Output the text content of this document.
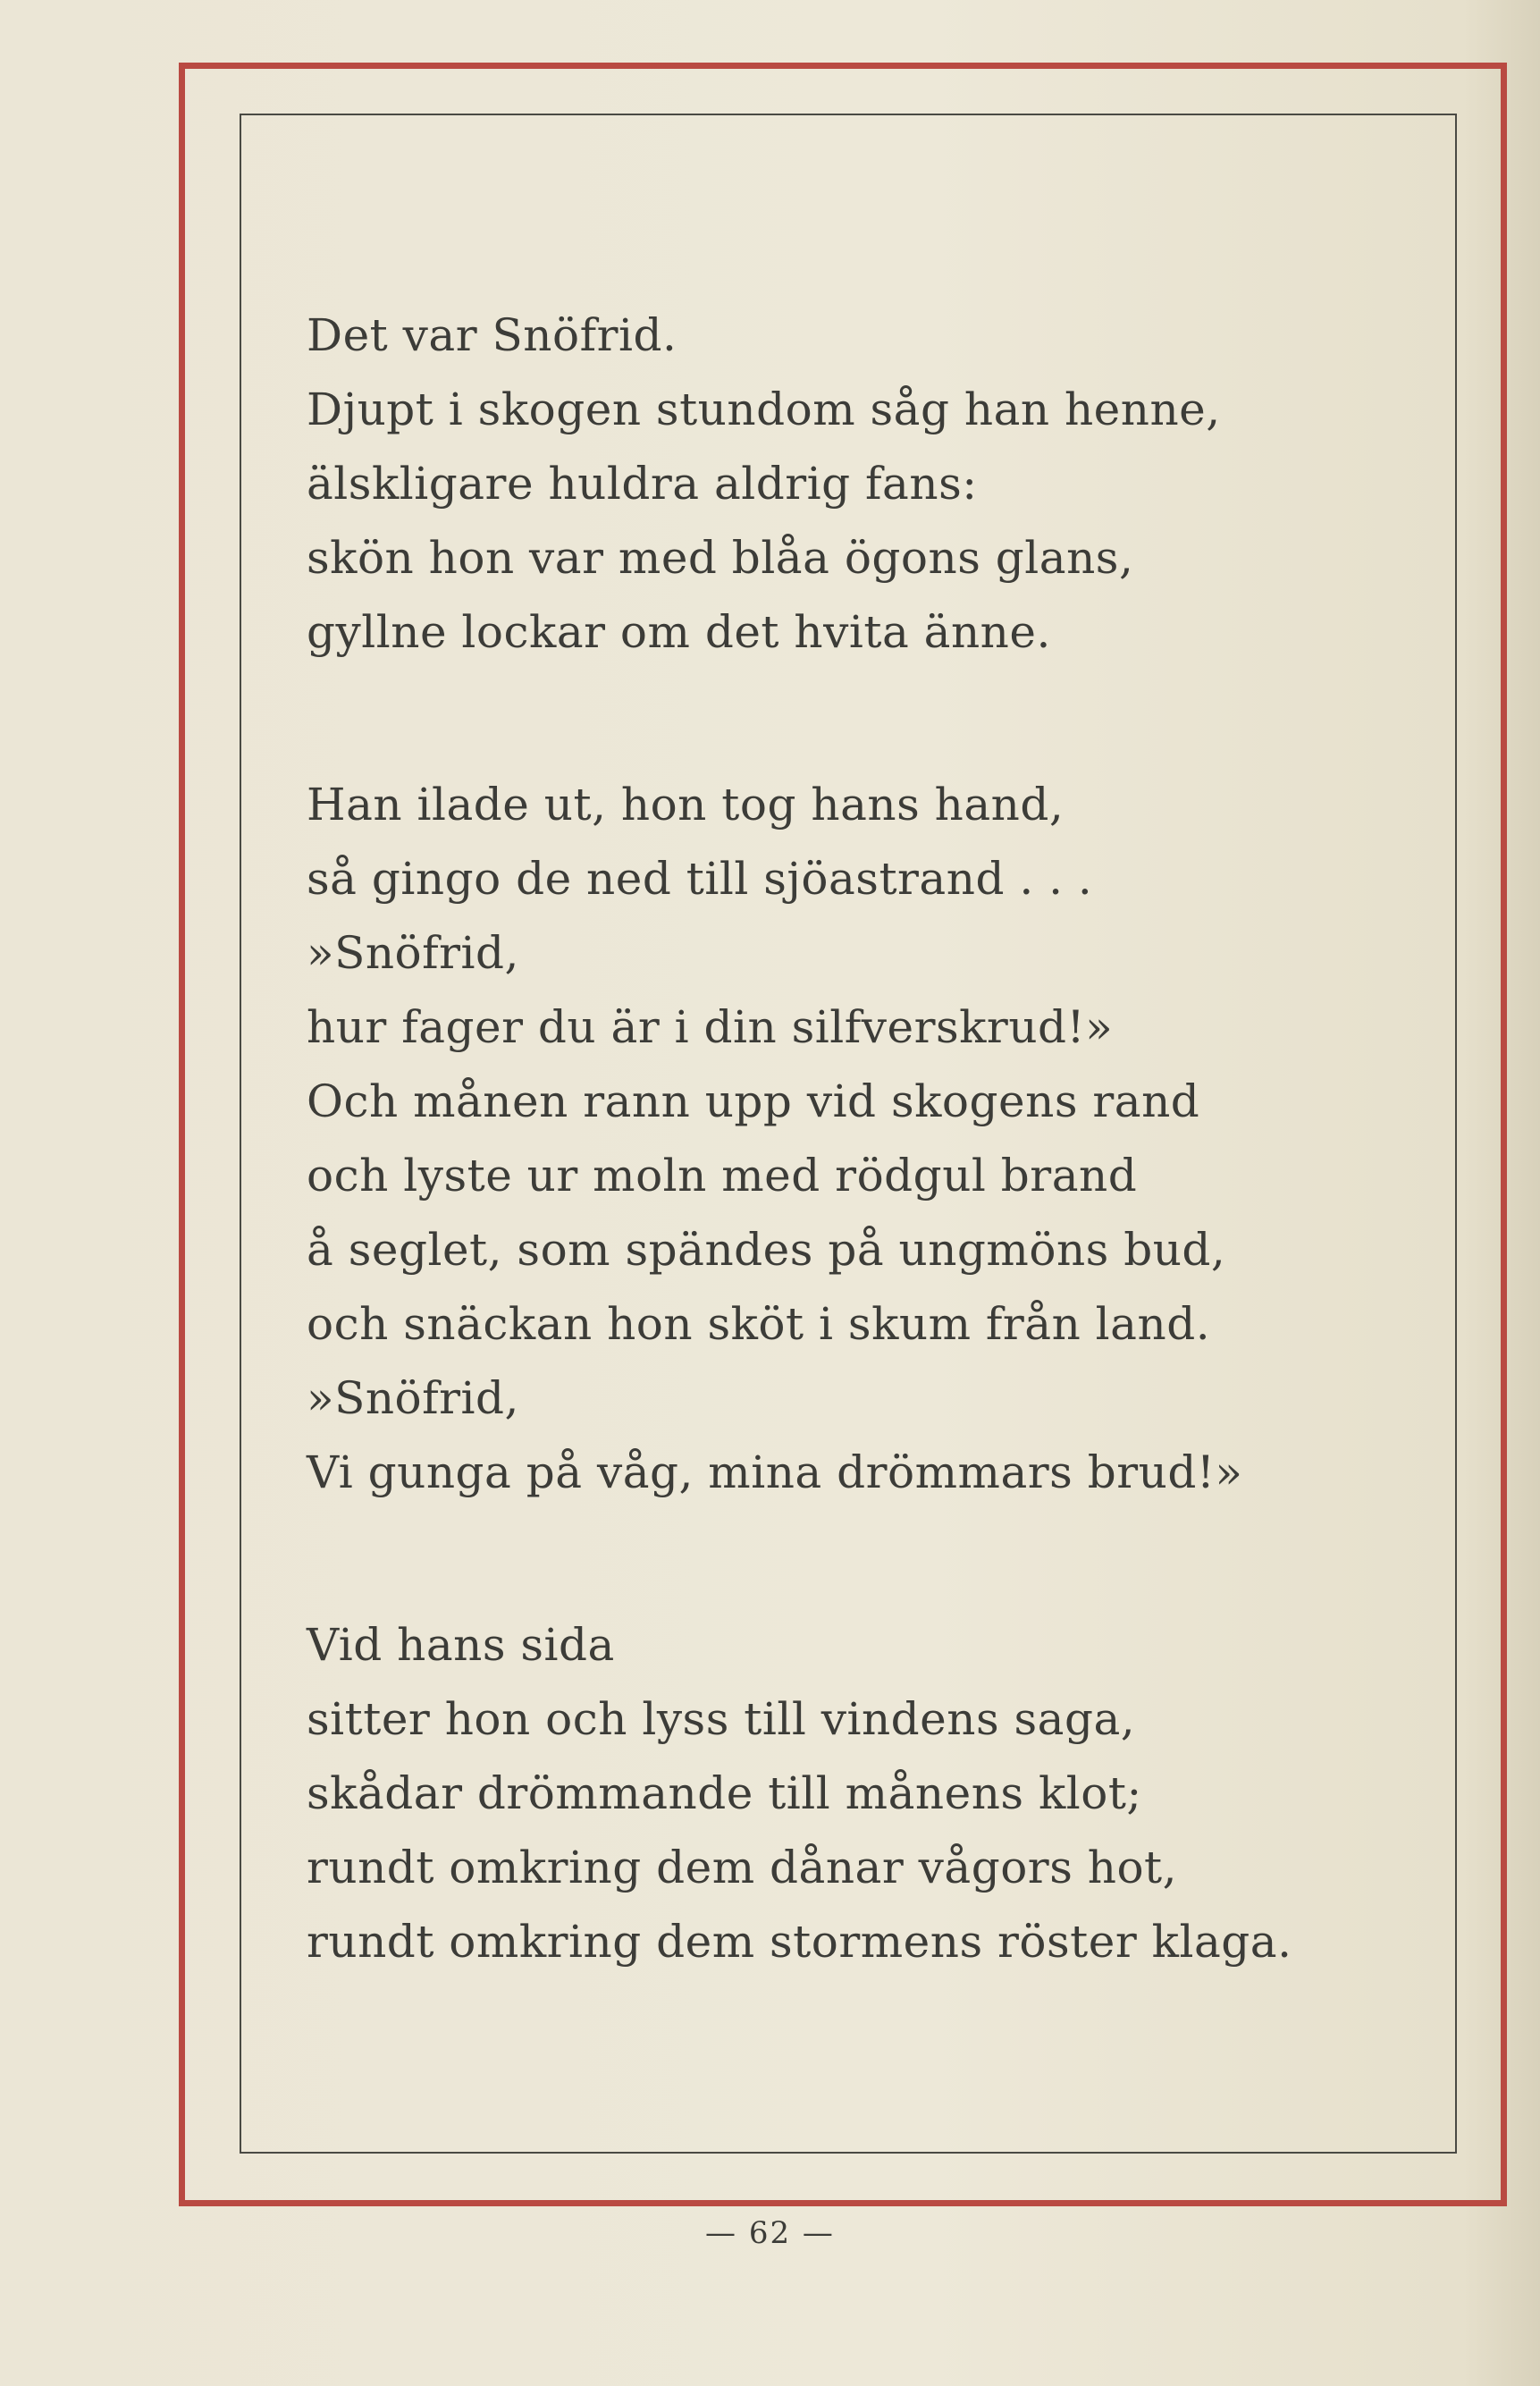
Det var Snöfrid.
Djupt i skogen stundom såg han henne,
älskligare huldra aldrig fans:
skön hon var med blåa ögons glans,
gyllne lockar om det hvita änne.
Han ilade ut, hon tog hans hand,
så gingo de ned till sjöastrand . . .
»Snöfrid,
hur fager du är i din silfverskrud!»
Och månen rann upp vid skogens rand
och lyste ur moln med rödgul brand
å seglet, som spändes på ungmöns bud,
och snäckan hon sköt i skum från land.
»Snöfrid,
Vi gunga på våg, mina drömmars brud!»
Vid hans sida
sitter hon och lyss till vindens saga,
skådar drömmande till månens klot;
rundt omkring dem dånar vågors hot,
rundt omkring dem stormens röster klaga.
— 62 —
